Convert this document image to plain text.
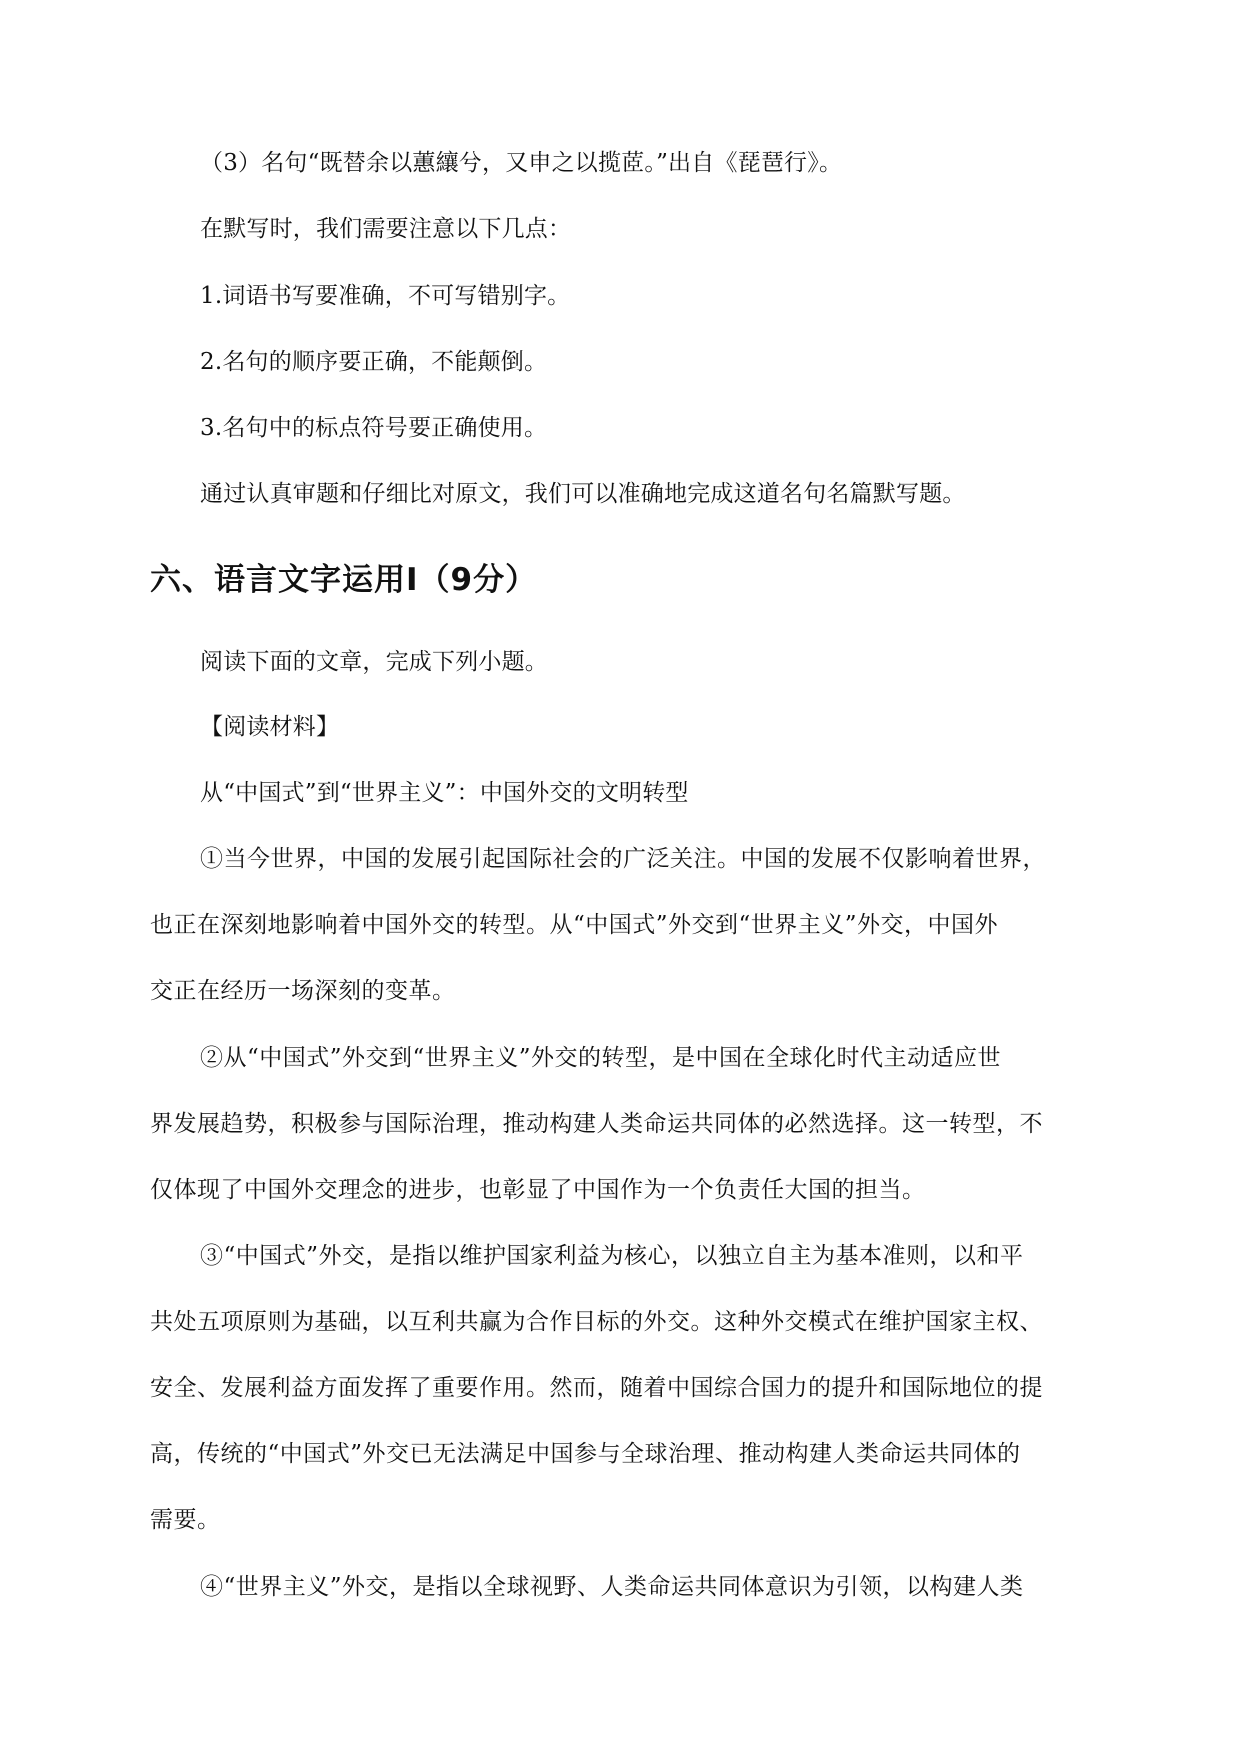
（3）名句“既替余以蕙纕兮，又申之以揽茝。”出自《琵琶行》。
在默写时，我们需要注意以下几点：
1.词语书写要准确，不可写错别字。
2.名句的顺序要正确，不能颠倒。
3.名句中的标点符号要正确使用。
通过认真审题和仔细比对原文，我们可以准确地完成这道名句名篇默写题。
六、语言文字运用Ⅰ（9分）
阅读下面的文章，完成下列小题。
【阅读材料】
从“中国式”到“世界主义”：中国外交的文明转型
①当今世界，中国的发展引起国际社会的广泛关注。中国的发展不仅影响着世界，
也正在深刻地影响着中国外交的转型。从“中国式”外交到“世界主义”外交，中国外
交正在经历一场深刻的变革。
②从“中国式”外交到“世界主义”外交的转型，是中国在全球化时代主动适应世
界发展趋势，积极参与国际治理，推动构建人类命运共同体的必然选择。这一转型，不
仅体现了中国外交理念的进步，也彰显了中国作为一个负责任大国的担当。
③“中国式”外交，是指以维护国家利益为核心，以独立自主为基本准则，以和平
共处五项原则为基础，以互利共赢为合作目标的外交。这种外交模式在维护国家主权、
安全、发展利益方面发挥了重要作用。然而，随着中国综合国力的提升和国际地位的提
高，传统的“中国式”外交已无法满足中国参与全球治理、推动构建人类命运共同体的
需要。
④“世界主义”外交，是指以全球视野、人类命运共同体意识为引领，以构建人类
